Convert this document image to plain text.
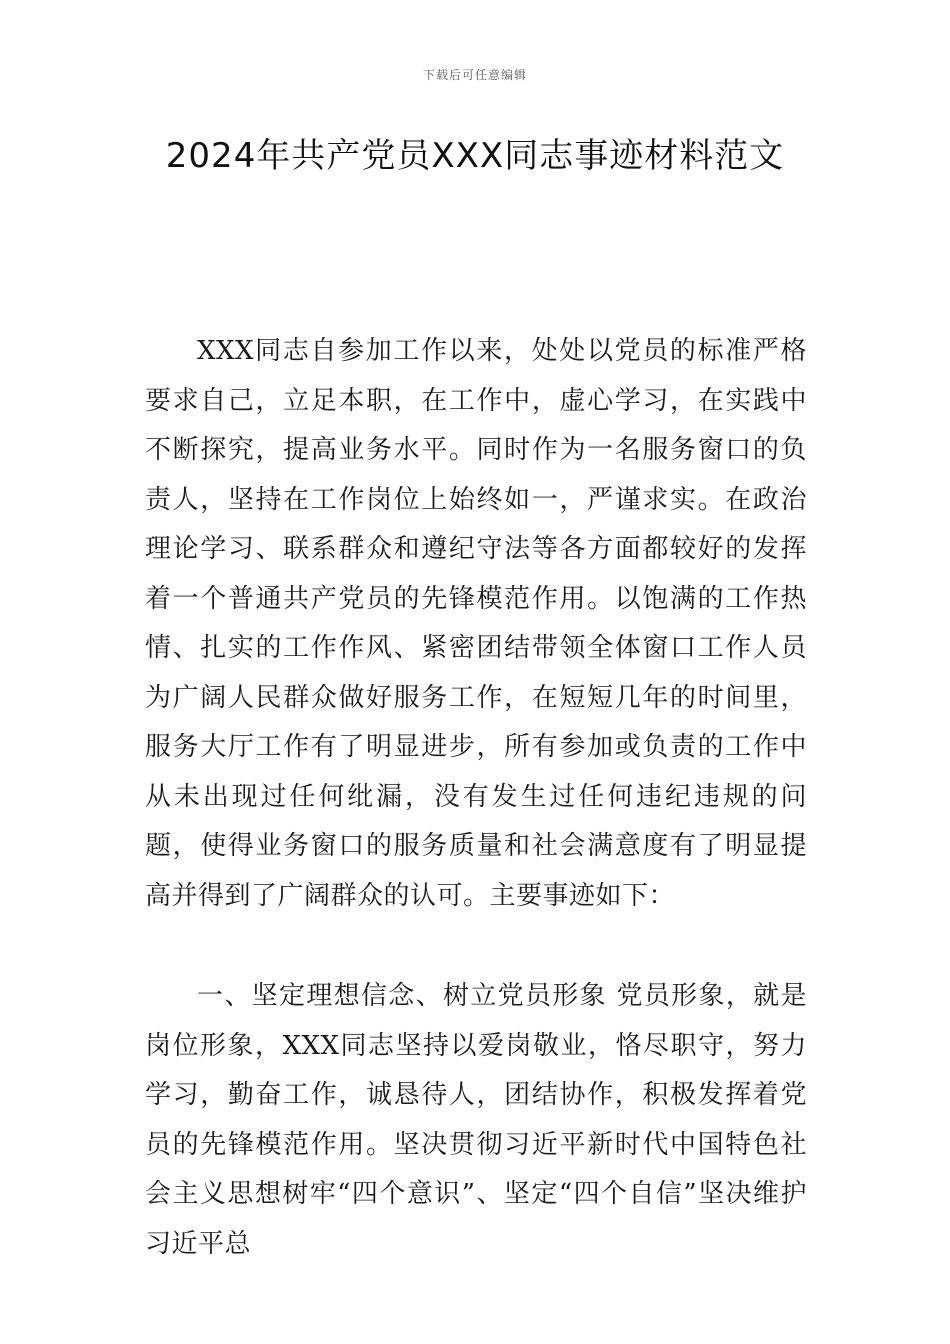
下载后可任意编辑
2024年共产党员XXX同志事迹材料范文

XXX同志自参加工作以来，处处以党员的标准严格要求自己，立足本职，在工作中，虚心学习，在实践中不断探究，提高业务水平。同时作为一名服务窗口的负责人，坚持在工作岗位上始终如一，严谨求实。在政治理论学习、联系群众和遵纪守法等各方面都较好的发挥着一个普通共产党员的先锋模范作用。以饱满的工作热情、扎实的工作作风、紧密团结带领全体窗口工作人员为广阔人民群众做好服务工作，在短短几年的时间里，服务大厅工作有了明显进步，所有参加或负责的工作中从未出现过任何纰漏，没有发生过任何违纪违规的问题，使得业务窗口的服务质量和社会满意度有了明显提高并得到了广阔群众的认可。主要事迹如下：

一、坚定理想信念、树立党员形象 党员形象，就是岗位形象，XXX同志坚持以爱岗敬业，恪尽职守，努力学习，勤奋工作，诚恳待人，团结协作，积极发挥着党员的先锋模范作用。坚决贯彻习近平新时代中国特色社会主义思想树牢“四个意识”、坚定“四个自信”坚决维护习近平总
